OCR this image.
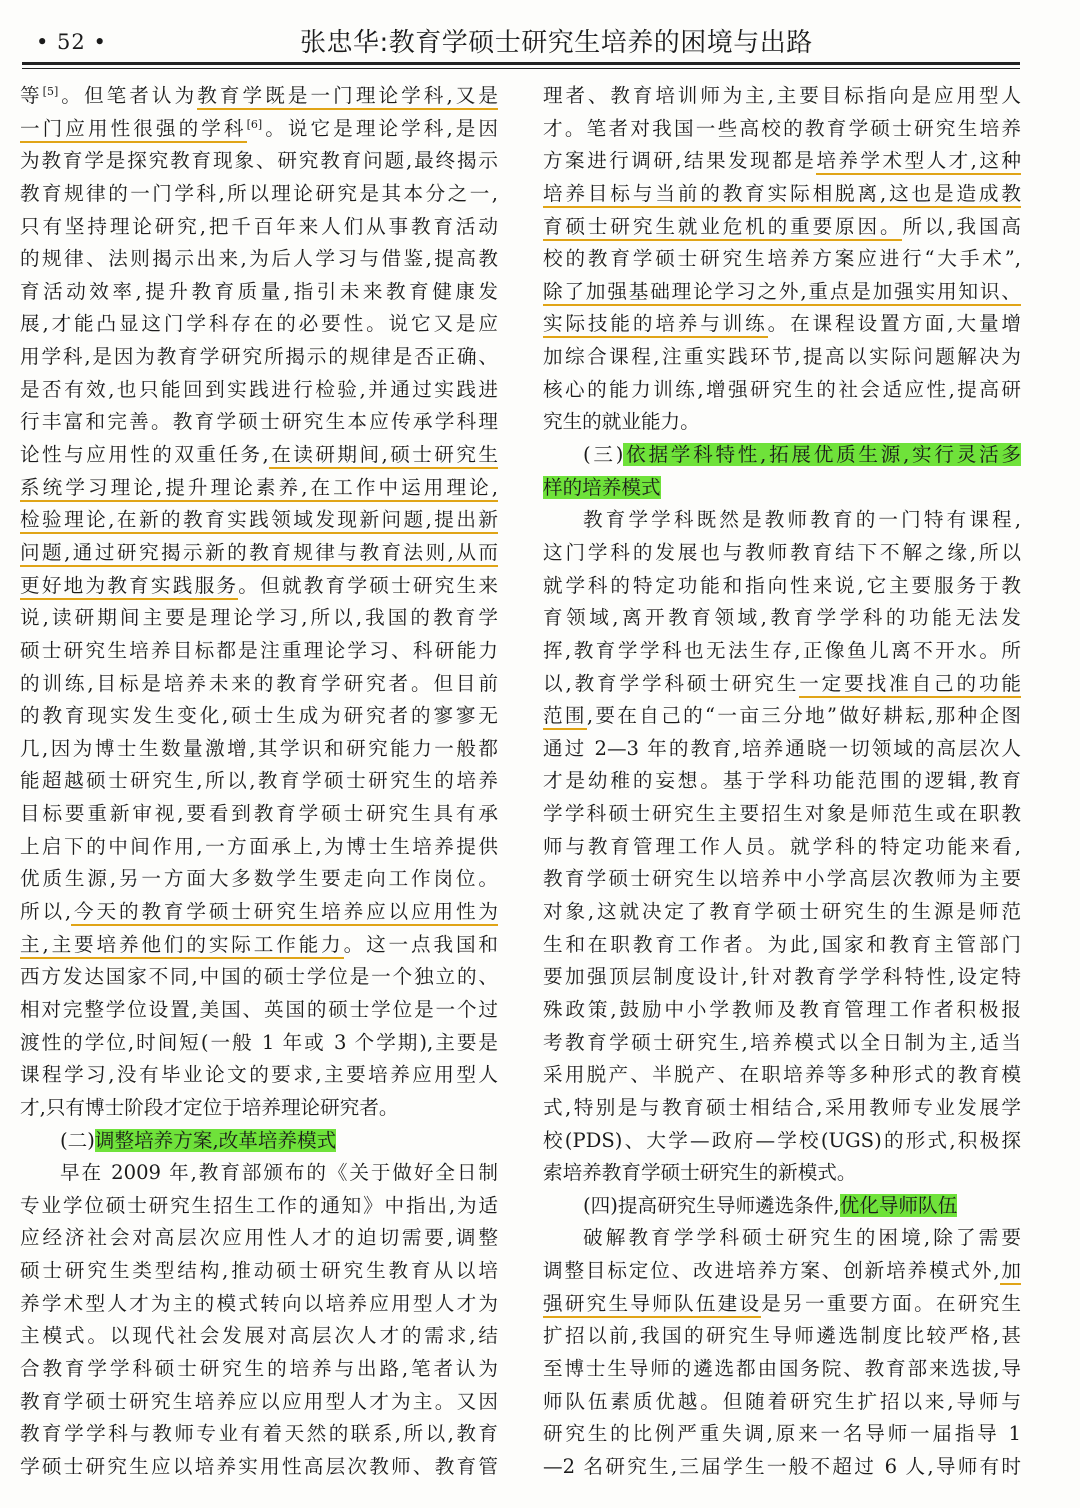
• 52 •	张忠华:教育学硕士研究生培养的困境与出路
等[5]。但笔者认为教育学既是一门理论学科,又是
一门应用性很强的学科[6]。说它是理论学科,是因
为教育学是探究教育现象、研究教育问题,最终揭示
教育规律的一门学科,所以理论研究是其本分之一,
只有坚持理论研究,把千百年来人们从事教育活动
的规律、法则揭示出来,为后人学习与借鉴,提高教
育活动效率,提升教育质量,指引未来教育健康发
展,才能凸显这门学科存在的必要性。说它又是应
用学科,是因为教育学研究所揭示的规律是否正确、
是否有效,也只能回到实践进行检验,并通过实践进
行丰富和完善。教育学硕士研究生本应传承学科理
论性与应用性的双重任务,在读研期间,硕士研究生
系统学习理论,提升理论素养,在工作中运用理论,
检验理论,在新的教育实践领域发现新问题,提出新
问题,通过研究揭示新的教育规律与教育法则,从而
更好地为教育实践服务。但就教育学硕士研究生来
说,读研期间主要是理论学习,所以,我国的教育学
硕士研究生培养目标都是注重理论学习、科研能力
的训练,目标是培养未来的教育学研究者。但目前
的教育现实发生变化,硕士生成为研究者的寥寥无
几,因为博士生数量激增,其学识和研究能力一般都
能超越硕士研究生,所以,教育学硕士研究生的培养
目标要重新审视,要看到教育学硕士研究生具有承
上启下的中间作用,一方面承上,为博士生培养提供
优质生源,另一方面大多数学生要走向工作岗位。
所以,今天的教育学硕士研究生培养应以应用性为
主,主要培养他们的实际工作能力。这一点我国和
西方发达国家不同,中国的硕士学位是一个独立的、
相对完整学位设置,美国、英国的硕士学位是一个过
渡性的学位,时间短(一般 1 年或 3 个学期),主要是
课程学习,没有毕业论文的要求,主要培养应用型人
才,只有博士阶段才定位于培养理论研究者。
(二)调整培养方案,改革培养模式
早在 2009 年,教育部颁布的《关于做好全日制
专业学位硕士研究生招生工作的通知》中指出,为适
应经济社会对高层次应用性人才的迫切需要,调整
硕士研究生类型结构,推动硕士研究生教育从以培
养学术型人才为主的模式转向以培养应用型人才为
主模式。以现代社会发展对高层次人才的需求,结
合教育学学科硕士研究生的培养与出路,笔者认为
教育学硕士研究生培养应以应用型人才为主。又因
教育学学科与教师专业有着天然的联系,所以,教育
学硕士研究生应以培养实用性高层次教师、教育管
理者、教育培训师为主,主要目标指向是应用型人
才。笔者对我国一些高校的教育学硕士研究生培养
方案进行调研,结果发现都是培养学术型人才,这种
培养目标与当前的教育实际相脱离,这也是造成教
育硕士研究生就业危机的重要原因。所以,我国高
校的教育学硕士研究生培养方案应进行“大手术”,
除了加强基础理论学习之外,重点是加强实用知识、
实际技能的培养与训练。在课程设置方面,大量增
加综合课程,注重实践环节,提高以实际问题解决为
核心的能力训练,增强研究生的社会适应性,提高研
究生的就业能力。
(三)依据学科特性,拓展优质生源,实行灵活多
样的培养模式
教育学学科既然是教师教育的一门特有课程,
这门学科的发展也与教师教育结下不解之缘,所以
就学科的特定功能和指向性来说,它主要服务于教
育领域,离开教育领域,教育学学科的功能无法发
挥,教育学学科也无法生存,正像鱼儿离不开水。所
以,教育学学科硕士研究生一定要找准自己的功能
范围,要在自己的“一亩三分地”做好耕耘,那种企图
通过 2—3 年的教育,培养通晓一切领域的高层次人
才是幼稚的妄想。基于学科功能范围的逻辑,教育
学学科硕士研究生主要招生对象是师范生或在职教
师与教育管理工作人员。就学科的特定功能来看,
教育学硕士研究生以培养中小学高层次教师为主要
对象,这就决定了教育学硕士研究生的生源是师范
生和在职教育工作者。为此,国家和教育主管部门
要加强顶层制度设计,针对教育学学科特性,设定特
殊政策,鼓励中小学教师及教育管理工作者积极报
考教育学硕士研究生,培养模式以全日制为主,适当
采用脱产、半脱产、在职培养等多种形式的教育模
式,特别是与教育硕士相结合,采用教师专业发展学
校(PDS)、大学—政府—学校(UGS)的形式,积极探
索培养教育学硕士研究生的新模式。
(四)提高研究生导师遴选条件,优化导师队伍
破解教育学学科硕士研究生的困境,除了需要
调整目标定位、改进培养方案、创新培养模式外,加
强研究生导师队伍建设是另一重要方面。在研究生
扩招以前,我国的研究生导师遴选制度比较严格,甚
至博士生导师的遴选都由国务院、教育部来选拔,导
师队伍素质优越。但随着研究生扩招以来,导师与
研究生的比例严重失调,原来一名导师一届指导 1
—2 名研究生,三届学生一般不超过 6 人,导师有时
